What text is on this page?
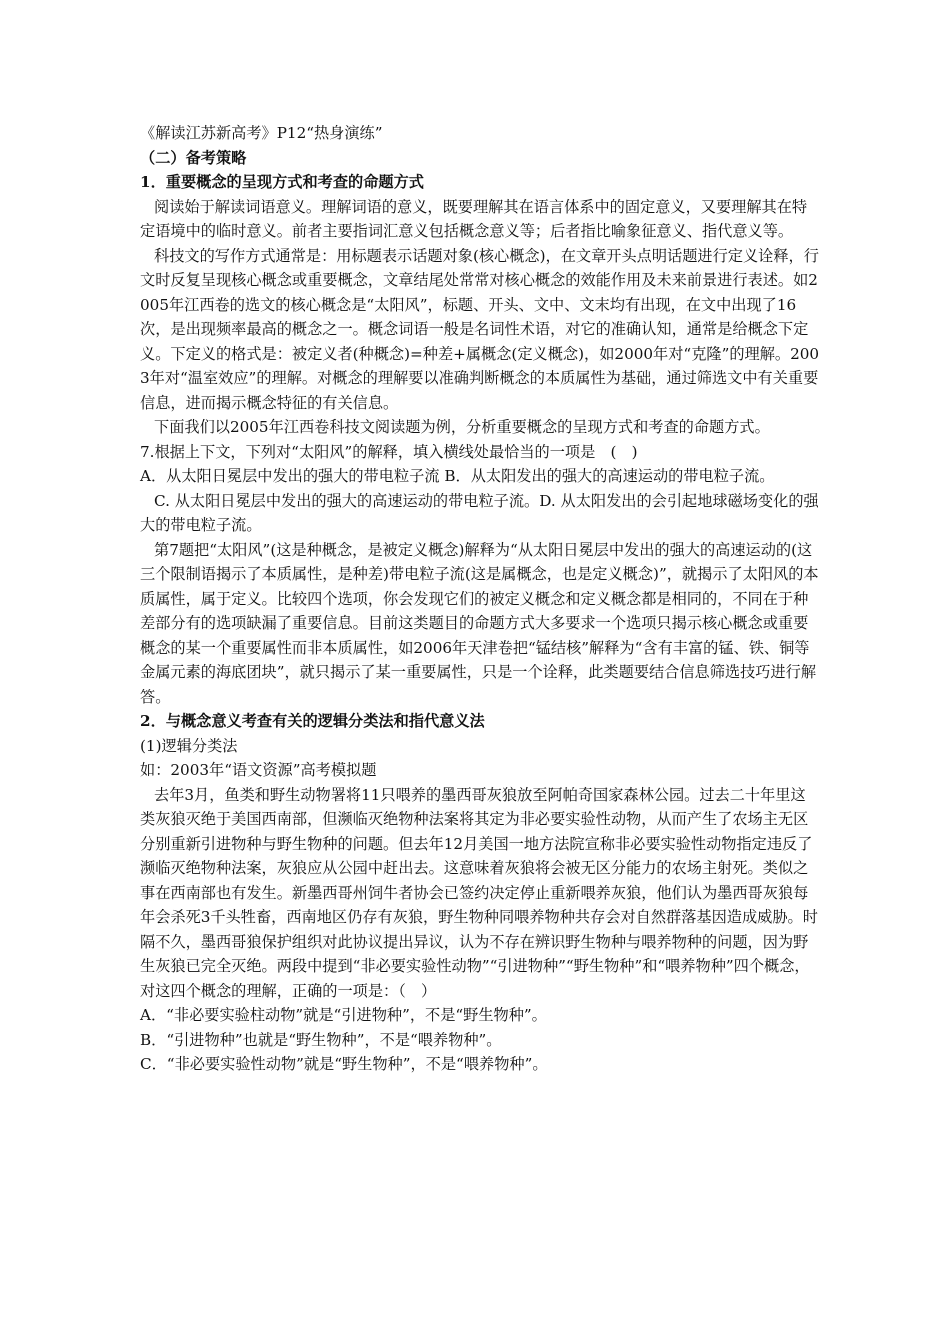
《解读江苏新高考》P12“热身演练”

（二）备考策略

1．重要概念的呈现方式和考查的命题方式

阅读始于解读词语意义。理解词语的意义，既要理解其在语言体系中的固定意义，又要理解其在特定语境中的临时意义。前者主要指词汇意义包括概念意义等；后者指比喻象征意义、指代意义等。

科技文的写作方式通常是：用标题表示话题对象(核心概念)，在文章开头点明话题进行定义诠释，行文时反复呈现核心概念或重要概念，文章结尾处常常对核心概念的效能作用及未来前景进行表述。如2005年江西卷的选文的核心概念是“太阳风”，标题、开头、文中、文末均有出现，在文中出现了16次，是出现频率最高的概念之一。概念词语一般是名词性术语，对它的准确认知，通常是给概念下定义。下定义的格式是：被定义者(种概念)=种差+属概念(定义概念)，如2000年对“克隆”的理解。2003年对“温室效应”的理解。对概念的理解要以准确判断概念的本质属性为基础，通过筛选文中有关重要信息，进而揭示概念特征的有关信息。

下面我们以2005年江西卷科技文阅读题为例，分析重要概念的呈现方式和考查的命题方式。

7.根据上下文，下列对“太阳风”的解释，填入横线处最恰当的一项是　(　)

A．从太阳日冕层中发出的强大的带电粒子流 B．从太阳发出的强大的高速运动的带电粒子流。

C. 从太阳日冕层中发出的强大的高速运动的带电粒子流。D. 从太阳发出的会引起地球磁场变化的强大的带电粒子流。

第7题把“太阳风”(这是种概念，是被定义概念)解释为“从太阳日冕层中发出的强大的高速运动的(这三个限制语揭示了本质属性，是种差)带电粒子流(这是属概念，也是定义概念)”，就揭示了太阳风的本质属性，属于定义。比较四个选项，你会发现它们的被定义概念和定义概念都是相同的，不同在于种差部分有的选项缺漏了重要信息。目前这类题目的命题方式大多要求一个选项只揭示核心概念或重要概念的某一个重要属性而非本质属性，如2006年天津卷把“锰结核”解释为“含有丰富的锰、铁、铜等金属元素的海底团块”，就只揭示了某一重要属性，只是一个诠释，此类题要结合信息筛选技巧进行解答。

2．与概念意义考查有关的逻辑分类法和指代意义法

(1)逻辑分类法

如：2003年“语文资源”高考模拟题

去年3月，鱼类和野生动物署将11只喂养的墨西哥灰狼放至阿帕奇国家森林公园。过去二十年里这类灰狼灭绝于美国西南部，但濒临灭绝物种法案将其定为非必要实验性动物，从而产生了农场主无区分别重新引进物种与野生物种的问题。但去年12月美国一地方法院宣称非必要实验性动物指定违反了濒临灭绝物种法案，灰狼应从公园中赶出去。这意味着灰狼将会被无区分能力的农场主射死。类似之事在西南部也有发生。新墨西哥州饲牛者协会已签约决定停止重新喂养灰狼，他们认为墨西哥灰狼每年会杀死3千头牲畜，西南地区仍存有灰狼，野生物种同喂养物种共存会对自然群落基因造成威胁。时隔不久，墨西哥狼保护组织对此协议提出异议，认为不存在辨识野生物种与喂养物种的问题，因为野生灰狼已完全灭绝。两段中提到“非必要实验性动物”“引进物种”“野生物种”和“喂养物种”四个概念，对这四个概念的理解，正确的一项是：（　）

A．“非必要实验柱动物”就是“引进物种”，不是“野生物种”。

B．“引进物种”也就是“野生物种”，不是“喂养物种”。

C．“非必要实验性动物”就是“野生物种”，不是“喂养物种”。
